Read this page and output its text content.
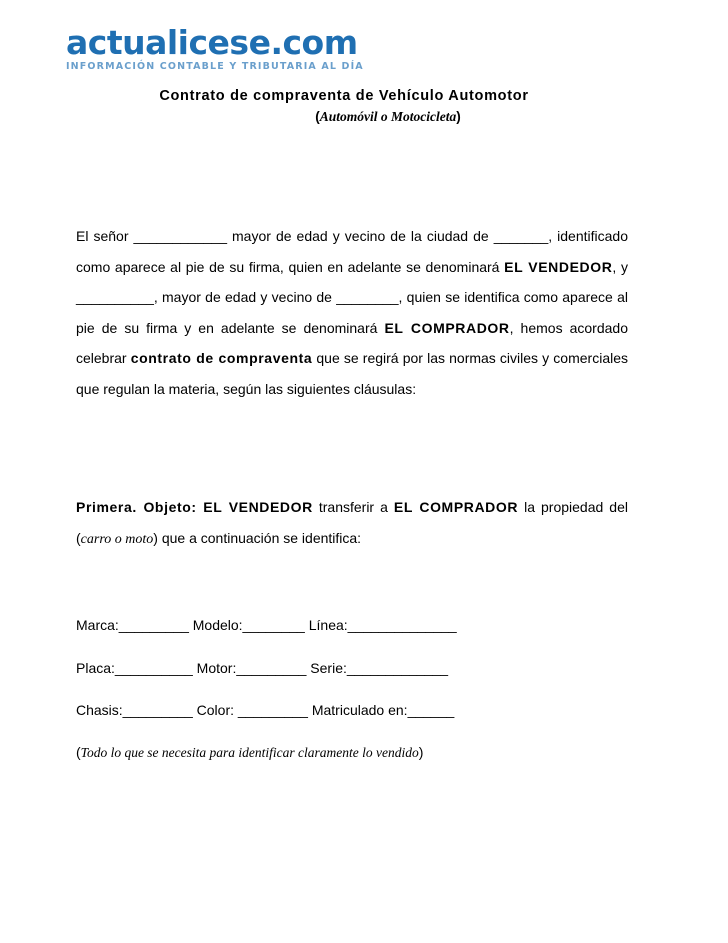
actualicese.com
INFORMACIÓN CONTABLE Y TRIBUTARIA AL DÍA
Contrato de compraventa de Vehículo Automotor
(Automóvil o Motocicleta)
El señor ____________ mayor de edad y vecino de la ciudad de _______, identificado como aparece al pie de su firma, quien en adelante se denominará EL VENDEDOR, y __________, mayor de edad y vecino de ________, quien se identifica como aparece al pie de su firma y en adelante se denominará EL COMPRADOR, hemos acordado celebrar contrato de compraventa que se regirá por las normas civiles y comerciales que regulan la materia, según las siguientes cláusulas:
Primera. Objeto: EL VENDEDOR transferir a EL COMPRADOR la propiedad del (carro o moto) que a continuación se identifica:
Marca:_________ Modelo:________ Línea:______________
Placa:__________ Motor:_________ Serie:_____________
Chasis:_________ Color: _________ Matriculado en:______
(Todo lo que se necesita para identificar claramente lo vendido)
